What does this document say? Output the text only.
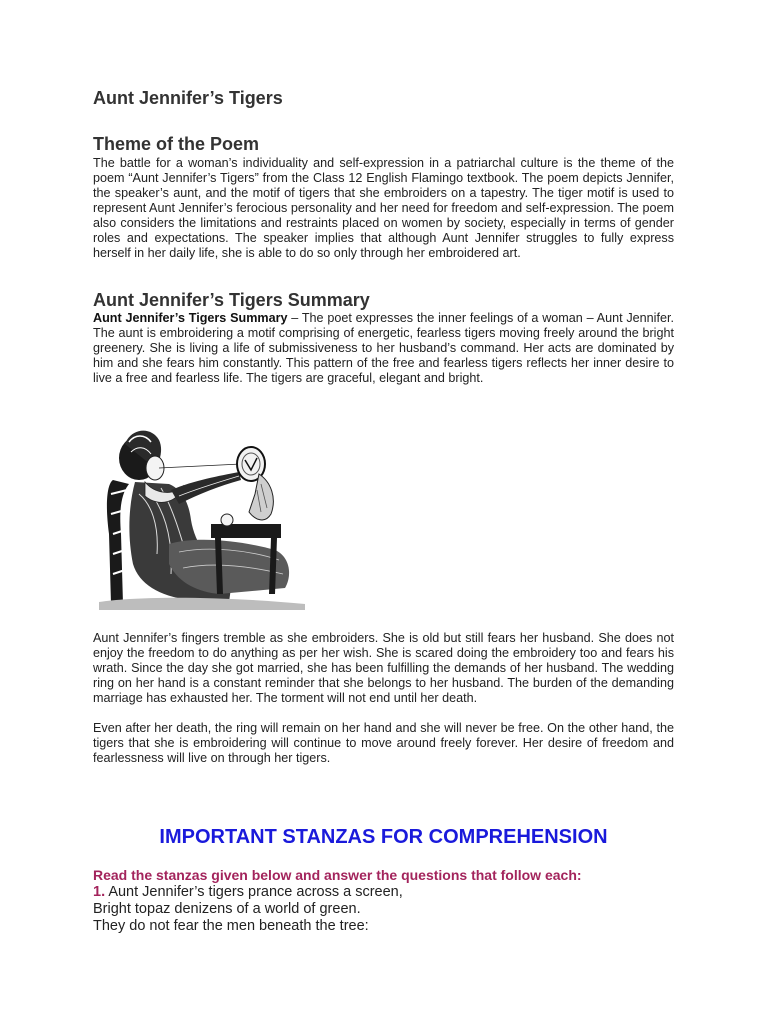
Aunt Jennifer’s Tigers
Theme of the Poem

The battle for a woman’s individuality and self-expression in a patriarchal culture is the theme of the poem “Aunt Jennifer’s Tigers” from the Class 12 English Flamingo textbook. The poem depicts Jennifer, the speaker’s aunt, and the motif of tigers that she embroiders on a tapestry. The tiger motif is used to represent Aunt Jennifer’s ferocious personality and her need for freedom and self-expression. The poem also considers the limitations and restraints placed on women by society, especially in terms of gender roles and expectations. The speaker implies that although Aunt Jennifer struggles to fully express herself in her daily life, she is able to do so only through her embroidered art.

Aunt Jennifer’s Tigers Summary

Aunt Jennifer’s Tigers Summary – The poet expresses the inner feelings of a woman – Aunt Jennifer. The aunt is embroidering a motif comprising of energetic, fearless tigers moving freely around the bright greenery. She is living a life of submissiveness to her husband’s command. Her acts are dominated by him and she fears him constantly. This pattern of the free and fearless tigers reflects her inner desire to live a free and fearless life. The tigers are graceful, elegant and bright.

Aunt Jennifer’s fingers tremble as she embroiders. She is old but still fears her husband. She does not enjoy the freedom to do anything as per her wish. She is scared doing the embroidery too and fears his wrath. Since the day she got married, she has been fulfilling the demands of her husband. The wedding ring on her hand is a constant reminder that she belongs to her husband. The burden of the demanding marriage has exhausted her. The torment will not end until her death.

Even after her death, the ring will remain on her hand and she will never be free. On the other hand, the tigers that she is embroidering will continue to move around freely forever. Her desire of freedom and fearlessness will live on through her tigers.

IMPORTANT STANZAS FOR COMPREHENSION

Read the stanzas given below and answer the questions that follow each:

1. Aunt Jennifer’s tigers prance across a screen,

Bright topaz denizens of a world of green.

They do not fear the men beneath the tree:
